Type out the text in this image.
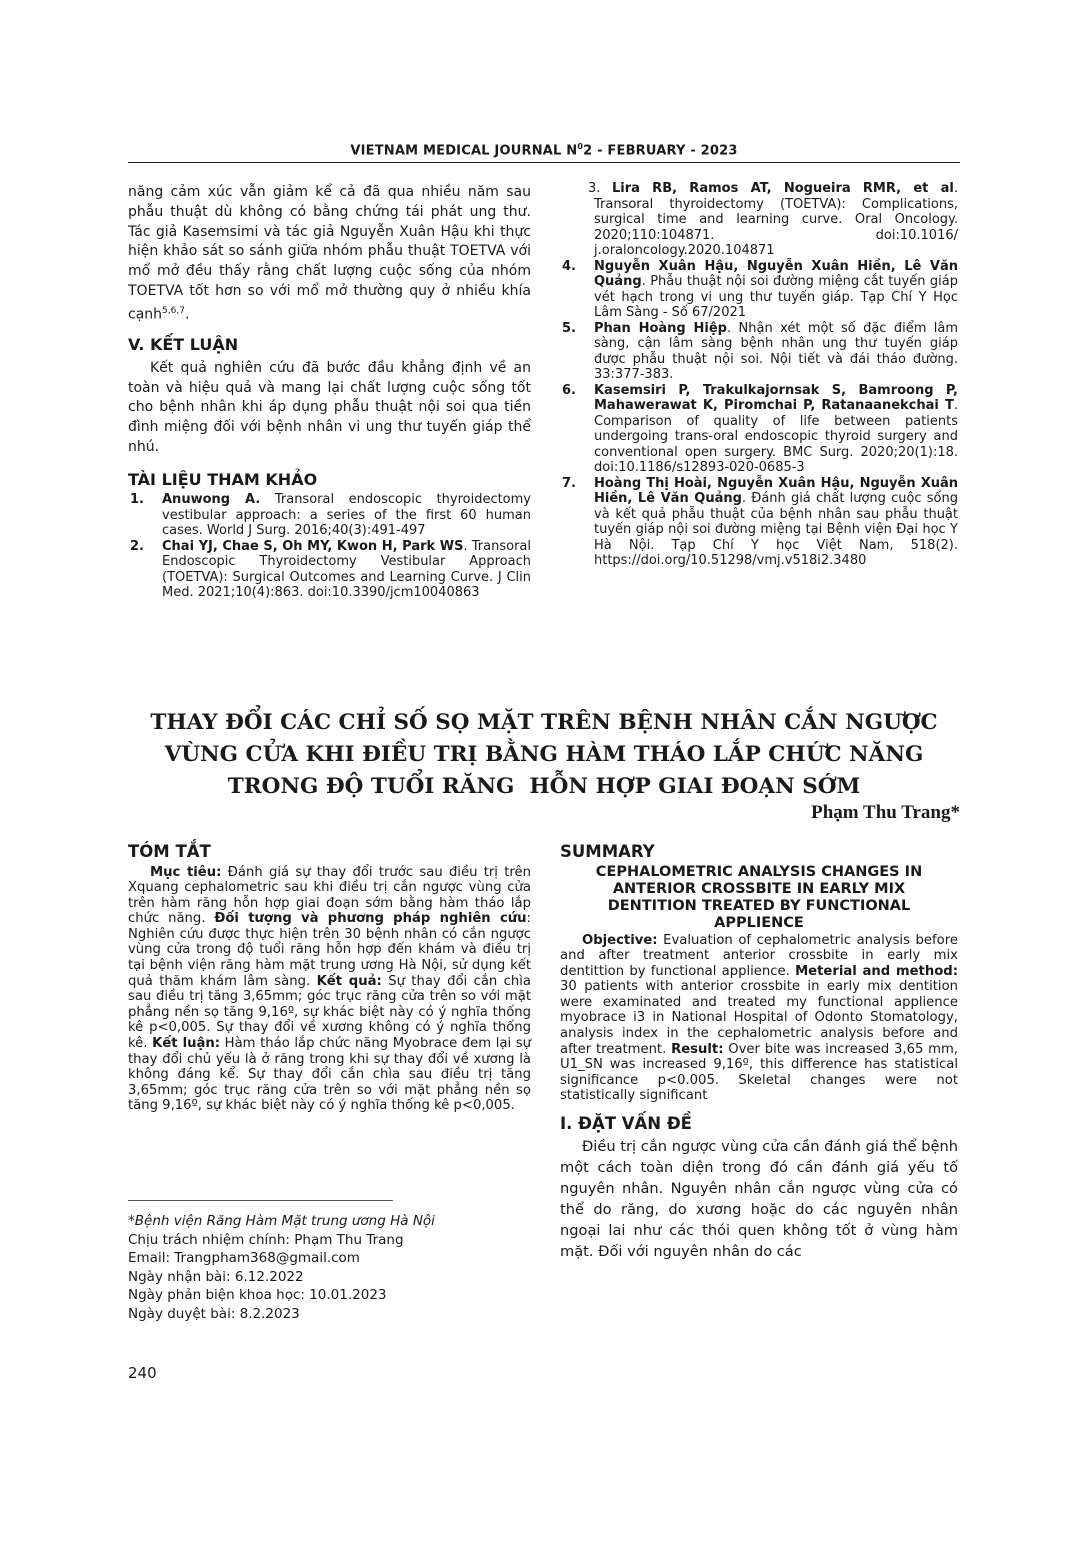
VIETNAM MEDICAL JOURNAL $N^02$ - FEBRUARY - 2023

năng cảm xúc vẫn giảm kể cả đã qua nhiều năm sau phẫu thuật dù không có bằng chứng tái phát ung thư. Tác giả Kasemsimi và tác giả Nguyễn Xuân Hậu khi thực hiện khảo sát so sánh giữa nhóm phẫu thuật TOETVA với mổ mở đều thấy rằng chất lượng cuộc sống của nhóm TOETVA tốt hơn so với mổ mở thường quy ở nhiều khía cạnh$^{5,6,7}$.

V. KẾT LUẬN

Kết quả nghiên cứu đã bước đầu khẳng định về an toàn và hiệu quả và mang lại chất lượng cuộc sống tốt cho bệnh nhân khi áp dụng phẫu thuật nội soi qua tiền đình miệng đối với bệnh nhân vi ung thư tuyến giáp thể nhú.

TÀI LIỆU THAM KHẢO

1. Anuwong A. Transoral endoscopic thyroidectomy vestibular approach: a series of the first 60 human cases. World J Surg. 2016;40(3):491-497

2. Chai YJ, Chae S, Oh MY, Kwon H, Park WS. Transoral Endoscopic Thyroidectomy Vestibular Approach (TOETVA): Surgical Outcomes and Learning Curve. J Clin Med. 2021;10(4):863. doi:10.3390/jcm10040863

3. Lira RB, Ramos AT, Nogueira RMR, et al. Transoral thyroidectomy (TOETVA): Complications, surgical time and learning curve. Oral Oncology. 2020;110:104871. doi:10.1016/ j.oraloncology.2020.104871

4. Nguyễn Xuân Hậu, Nguyễn Xuân Hiền, Lê Văn Quảng. Phẫu thuật nội soi đường miệng cắt tuyến giáp vét hạch trong vi ung thư tuyến giáp. Tạp Chí Y Học Lâm Sàng - Số 67/2021

5. Phan Hoàng Hiệp. Nhận xét một số đặc điểm lâm sàng, cận lâm sàng bệnh nhân ung thư tuyến giáp được phẫu thuật nội soi. Nội tiết và đái tháo đường. 33:377-383.

6. Kasemsiri P, Trakulkajornsak S, Bamroong P, Mahawerawat K, Piromchai P, Ratanaanekchai T. Comparison of quality of life between patients undergoing trans-oral endoscopic thyroid surgery and conventional open surgery. BMC Surg. 2020;20(1):18. doi:10.1186/s12893-020-0685-3

7. Hoàng Thị Hoài, Nguyễn Xuân Hậu, Nguyễn Xuân Hiền, Lê Văn Quảng. Đánh giá chất lượng cuộc sống và kết quả phẫu thuật của bệnh nhân sau phẫu thuật tuyến giáp nội soi đường miệng tại Bệnh viện Đại học Y Hà Nội. Tạp Chí Y học Việt Nam, 518(2). https://doi.org/10.51298/vmj.v518i2.3480

THAY ĐỔI CÁC CHỈ SỐ SỌ MẶT TRÊN BỆNH NHÂN CẮN NGƯỢC
VÙNG CỬA KHI ĐIỀU TRỊ BẰNG HÀM THÁO LẮP CHỨC NĂNG
TRONG ĐỘ TUỔI RĂNG  HỖN HỢP GIAI ĐOẠN SỚM
Phạm Thu Trang*
TÓM TẮT

Mục tiêu: Đánh giá sự thay đổi trước sau điều trị trên Xquang cephalometric sau khi điều trị cắn ngược vùng cửa trên hàm răng hỗn hợp giai đoạn sớm bằng hàm tháo lắp chức năng. Đối tượng và phương pháp nghiên cứu: Nghiên cứu được thực hiện trên 30 bệnh nhân có cắn ngược vùng cửa trong độ tuổi răng hỗn hợp đến khám và điều trị tại bệnh viện răng hàm mặt trung ương Hà Nội, sử dụng kết quả thăm khám lâm sàng. Kết quả: Sự thay đổi cắn chìa sau điều trị tăng 3,65mm; góc trục răng cửa trên so với mặt phẳng nền sọ tăng 9,16º, sự khác biệt này có ý nghĩa thống kê p<0,005. Sự thay đổi về xương không có ý nghĩa thống kê. Kết luận: Hàm tháo lắp chức năng Myobrace đem lại sự thay đổi chủ yếu là ở răng trong khi sự thay đổi về xương là không đáng kể. Sự thay đổi cắn chìa sau điều trị tăng 3,65mm; góc trục răng cửa trên so với mặt phẳng nền sọ tăng 9,16º, sự khác biệt này có ý nghĩa thống kê p<0,005.

*Bệnh viện Răng Hàm Mặt trung ương Hà Nội
Chịu trách nhiệm chính: Phạm Thu Trang
Email: Trangpham368@gmail.com
Ngày nhận bài: 6.12.2022
Ngày phản biện khoa học: 10.01.2023
Ngày duyệt bài: 8.2.2023
SUMMARY
CEPHALOMETRIC ANALYSIS CHANGES IN
ANTERIOR CROSSBITE IN EARLY MIX
DENTITION TREATED BY FUNCTIONAL
APPLIENCE

Objective: Evaluation of cephalometric analysis before and after treatment anterior crossbite in early mix dentittion by functional applience. Meterial and method: 30 patients with anterior crossbite in early mix dentition were examinated and treated my functional applience myobrace i3 in National Hospital of Odonto Stomatology, analysis index in the cephalometric analysis before and after treatment. Result: Over bite was increased 3,65 mm, U1_SN was increased 9,16º, this difference has statistical significance p<0.005. Skeletal changes were not statistically significant

I. ĐẶT VẤN ĐỀ

Điều trị cắn ngược vùng cửa cần đánh giá thể bệnh một cách toàn diện trong đó cần đánh giá yếu tố nguyên nhân. Nguyên nhân cắn ngược vùng cửa có thể do răng, do xương hoặc do các nguyên nhân ngoại lai như các thói quen không tốt ở vùng hàm mặt. Đối với nguyên nhân do các

240
